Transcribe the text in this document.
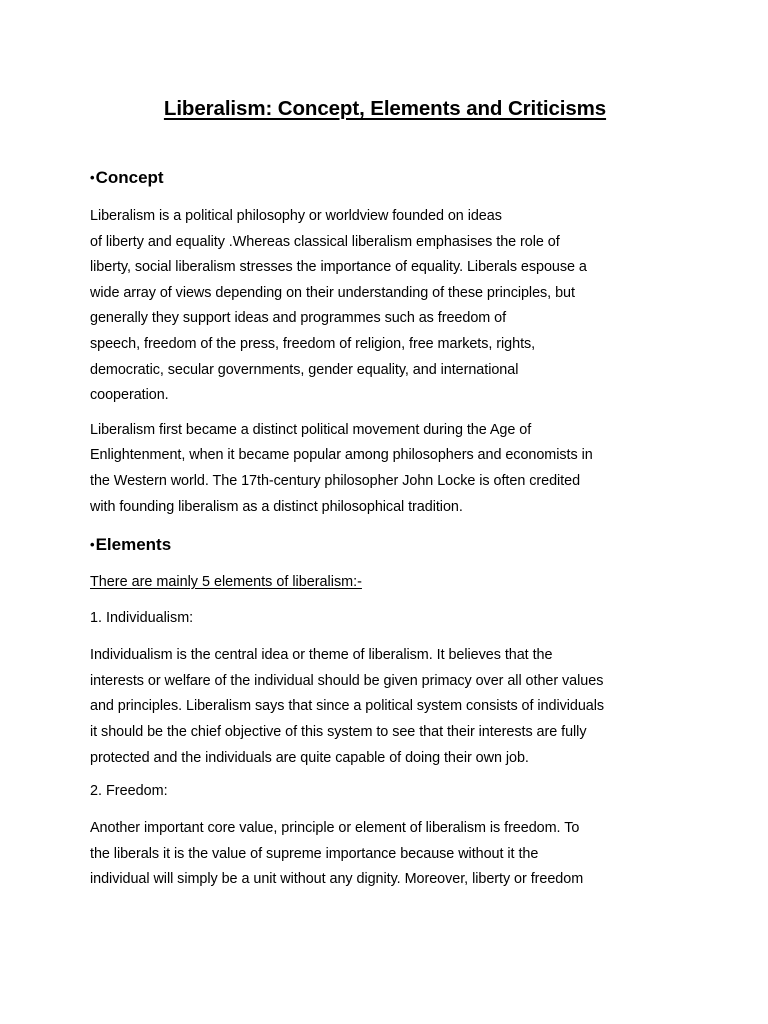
Liberalism: Concept, Elements and Criticisms
•Concept
Liberalism is a political philosophy or worldview founded on ideas
of liberty and equality .Whereas classical liberalism emphasises the role of
liberty, social liberalism stresses the importance of equality. Liberals espouse a
wide array of views depending on their understanding of these principles, but
generally they support ideas and programmes such as freedom of
speech, freedom of the press, freedom of religion, free markets, rights,
democratic, secular governments, gender equality, and international
cooperation.
Liberalism first became a distinct political movement during the Age of
Enlightenment, when it became popular among philosophers and economists in
the Western world. The 17th-century philosopher John Locke is often credited
with founding liberalism as a distinct philosophical tradition.
•Elements
There are mainly 5 elements of liberalism:-
1. Individualism:
Individualism is the central idea or theme of liberalism. It believes that the
interests or welfare of the individual should be given primacy over all other values
and principles. Liberalism says that since a political system consists of individuals
it should be the chief objective of this system to see that their interests are fully
protected and the individuals are quite capable of doing their own job.
2. Freedom:
Another important core value, principle or element of liberalism is freedom. To
the liberals it is the value of supreme importance because without it the
individual will simply be a unit without any dignity. Moreover, liberty or freedom
